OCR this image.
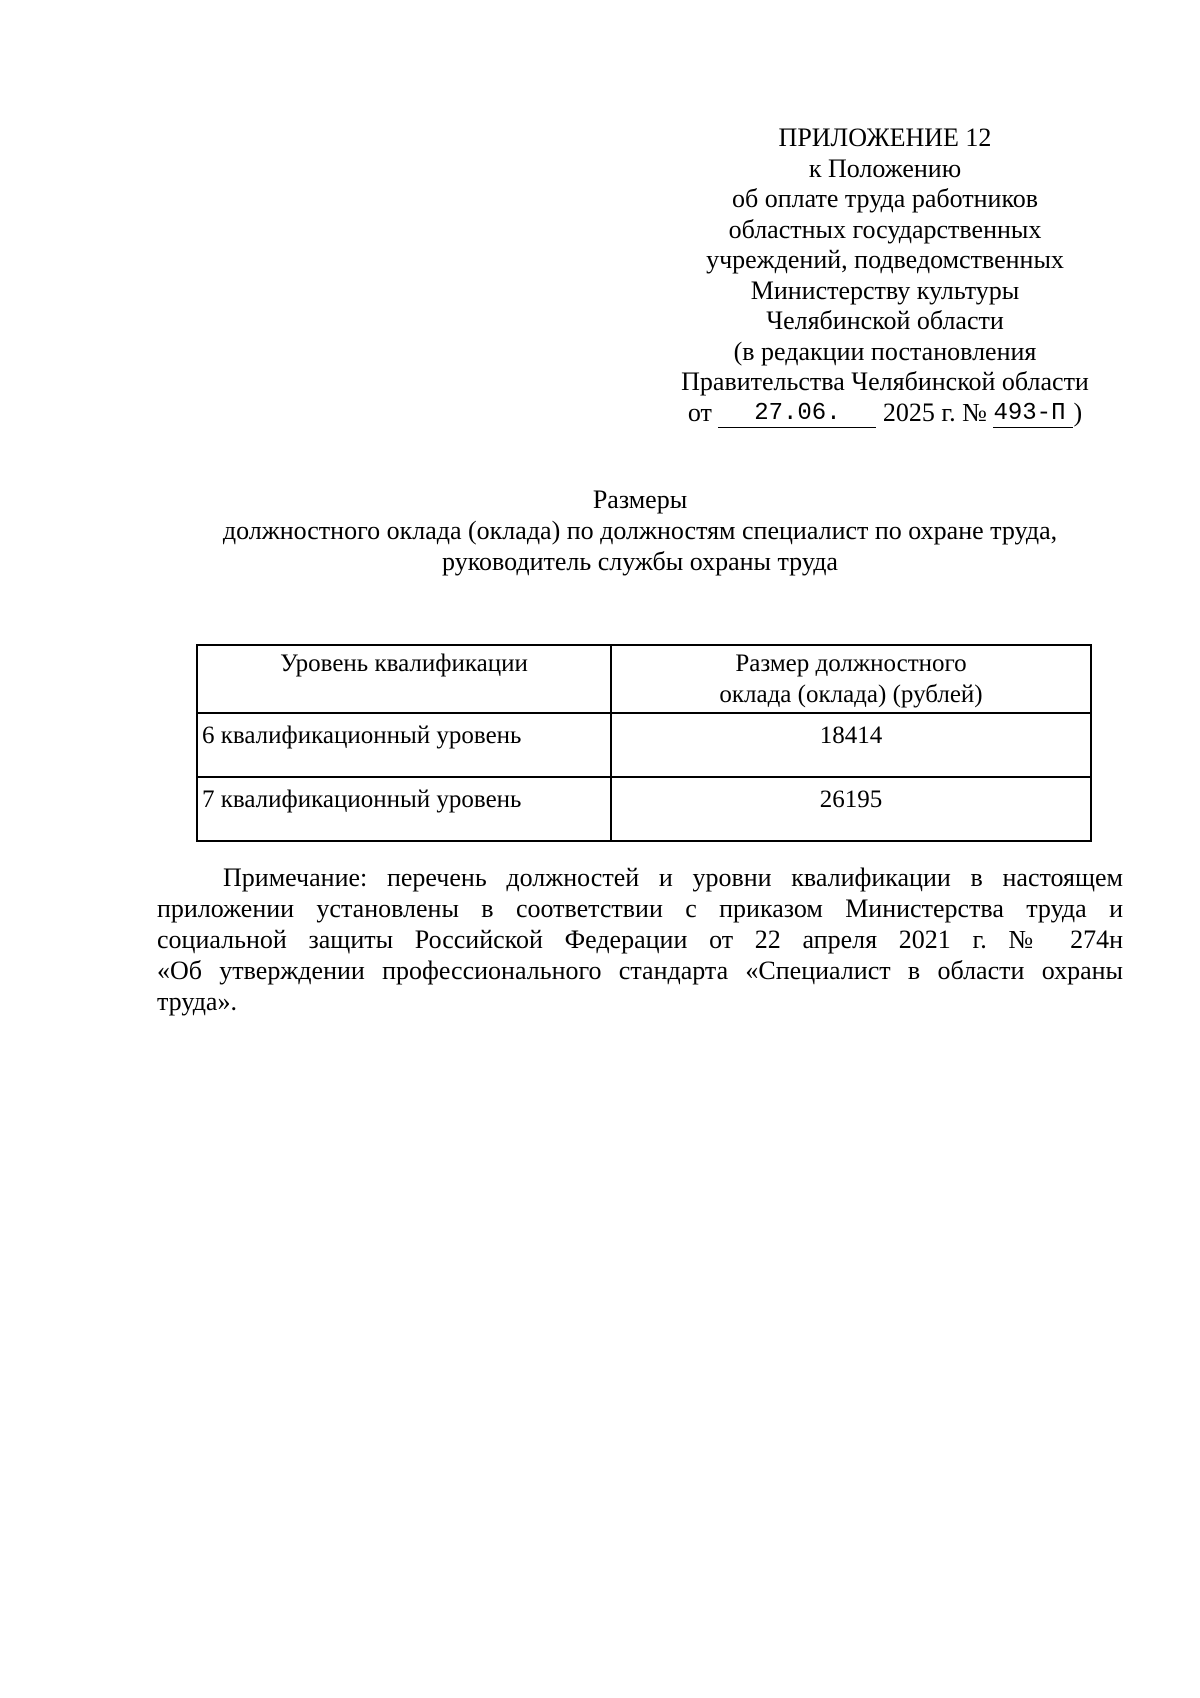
ПРИЛОЖЕНИЕ 12
к Положению
об оплате труда работников
областных государственных
учреждений, подведомственных
Министерству культуры
Челябинской области
(в редакции постановления
Правительства Челябинской области
от 27.06. 2025 г. № 493-П )
Размеры
должностного оклада (оклада) по должностям специалист по охране труда,
руководитель службы охраны труда
Уровень квалификации	Размер должностного
оклада (оклада) (рублей)
6 квалификационный уровень	18414
7 квалификационный уровень	26195
Примечание: перечень должностей и уровни квалификации в настоящем
приложении установлены в соответствии с приказом Министерства труда и
социальной защиты Российской Федерации от 22 апреля 2021 г. № 274н
«Об утверждении профессионального стандарта «Специалист в области охраны
труда».
